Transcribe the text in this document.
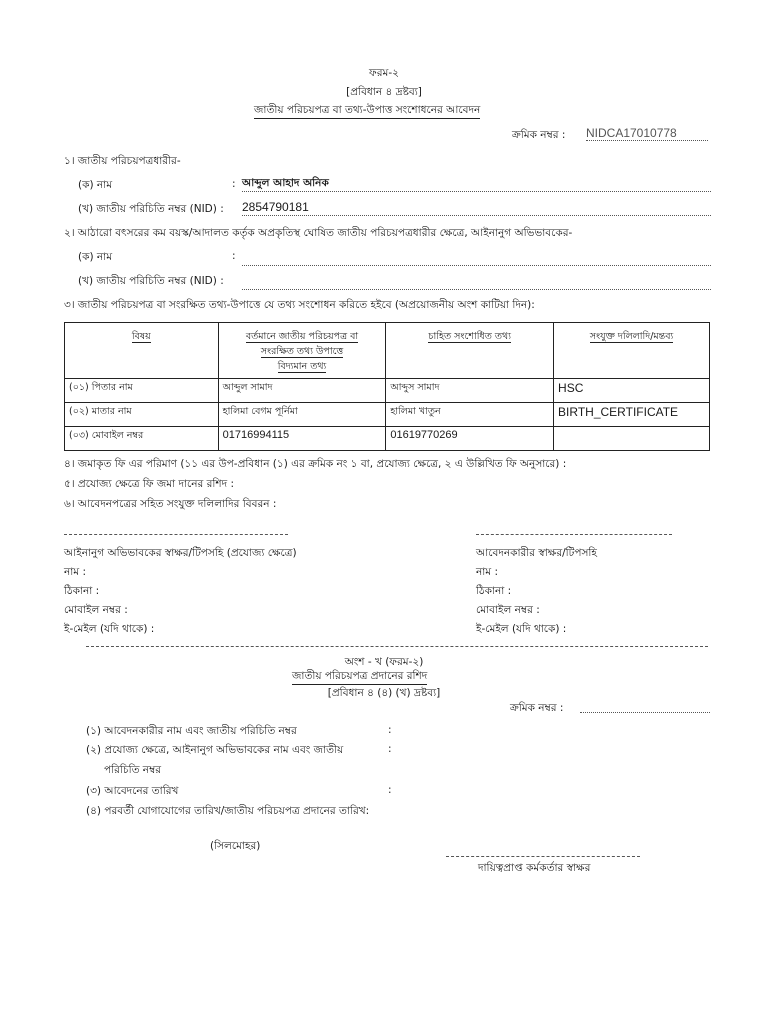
ফরম-২
[প্রবিধান ৪ দ্রষ্টব্য]
জাতীয় পরিচয়পত্র বা তথ্য-উপাত্ত সংশোধনের আবেদন
ক্রমিক নম্বর : NIDCA17010778
১। জাতীয় পরিচয়পত্রধারীর-
(ক) নাম	: আব্দুল আহাদ অনিক
(খ) জাতীয় পরিচিতি নম্বর (NID) : 2854790181
২। আঠারো বৎসরের কম বয়স্ক/আদালত কর্তৃক অপ্রকৃতিস্থ ঘোষিত জাতীয় পরিচয়পত্রধারীর ক্ষেত্রে, আইনানুগ অভিভাবকের-
(ক) নাম	:
(খ) জাতীয় পরিচিতি নম্বর (NID) :
৩। জাতীয় পরিচয়পত্র বা সংরক্ষিত তথ্য-উপাত্তে যে তথ্য সংশোধন করিতে হইবে (অপ্রয়োজনীয় অংশ কাটিয়া দিন):
বিষয়	বর্তমানে জাতীয় পরিচয়পত্র বা
সংরক্ষিত তথ্য উপাত্তে
বিদ্যমান তথ্য	চাহিত সংশোধিত তথ্য	সংযুক্ত দলিলাদি/মন্তব্য
(০১) পিতার নাম	আব্দুল সামাদ	আব্দুস সামাদ	HSC
(০২) মাতার নাম	হালিমা বেগম পূর্নিমা	হালিমা খাতুন	BIRTH_CERTIFICATE
(০৩) মোবাইল নম্বর	01716994115	01619770269	
৪। জমাকৃত ফি এর পরিমাণ (১১ এর উপ-প্রবিধান (১) এর ক্রমিক নং ১ বা, প্রযোজ্য ক্ষেত্রে, ২ এ উল্লিখিত ফি অনুসারে) :
৫। প্রযোজ্য ক্ষেত্রে ফি জমা দানের রশিদ :
৬। আবেদনপত্রের সহিত সংযুক্ত দলিলাদির বিবরন :
আইনানুগ অভিভাবকের স্বাক্ষর/টিপসহি (প্রযোজ্য ক্ষেত্রে)
নাম :
ঠিকানা :
মোবাইল নম্বর :
ই-মেইল (যদি থাকে) :
আবেদনকারীর স্বাক্ষর/টিপসহি
নাম :
ঠিকানা :
মোবাইল নম্বর :
ই-মেইল (যদি থাকে) :
অংশ - খ (ফরম-২)
জাতীয় পরিচয়পত্র প্রদানের রশিদ
[প্রবিধান ৪ (৪) (খ) দ্রষ্টব্য]
ক্রমিক নম্বর :
(১) আবেদনকারীর নাম এবং জাতীয় পরিচিতি নম্বর	:
(২) প্রযোজ্য ক্ষেত্রে, আইনানুগ অভিভাবকের নাম এবং জাতীয়	:
পরিচিতি নম্বর
(৩) আবেদনের তারিখ	:
(৪) পরবর্তী যোগাযোগের তারিখ/জাতীয় পরিচয়পত্র প্রদানের তারিখ:
(সিলমোহর)
দায়িত্বপ্রাপ্ত কর্মকর্তার স্বাক্ষর
